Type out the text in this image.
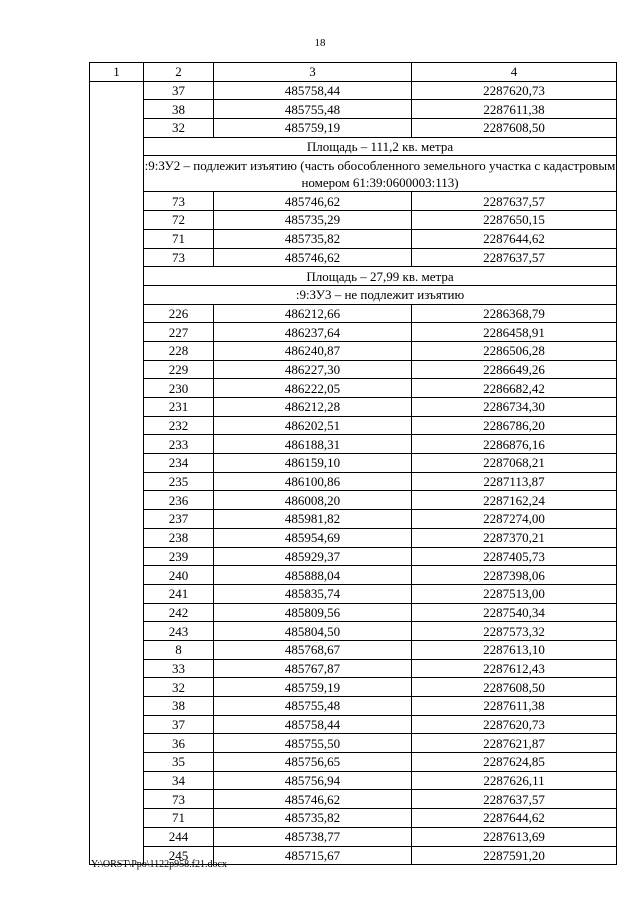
18
1	2	3	4
	37	485758,44	2287620,73
	38	485755,48	2287611,38
	32	485759,19	2287608,50
	Площадь – 111,2 кв. метра		
	:9:ЗУ2 – подлежит изъятию (часть обособленного земельного участка с кадастровым номером 61:39:0600003:113)		
	73	485746,62	2287637,57
	72	485735,29	2287650,15
	71	485735,82	2287644,62
	73	485746,62	2287637,57
	Площадь – 27,99 кв. метра		
	:9:ЗУ3 – не подлежит изъятию		
	226	486212,66	2286368,79
	227	486237,64	2286458,91
	228	486240,87	2286506,28
	229	486227,30	2286649,26
	230	486222,05	2286682,42
	231	486212,28	2286734,30
	232	486202,51	2286786,20
	233	486188,31	2286876,16
	234	486159,10	2287068,21
	235	486100,86	2287113,87
	236	486008,20	2287162,24
	237	485981,82	2287274,00
	238	485954,69	2287370,21
	239	485929,37	2287405,73
	240	485888,04	2287398,06
	241	485835,74	2287513,00
	242	485809,56	2287540,34
	243	485804,50	2287573,32
	8	485768,67	2287613,10
	33	485767,87	2287612,43
	32	485759,19	2287608,50
	38	485755,48	2287611,38
	37	485758,44	2287620,73
	36	485755,50	2287621,87
	35	485756,65	2287624,85
	34	485756,94	2287626,11
	73	485746,62	2287637,57
	71	485735,82	2287644,62
	244	485738,77	2287613,69
	245	485715,67	2287591,20
Y:\ORST\Ppo\1122p958.f21.docx
